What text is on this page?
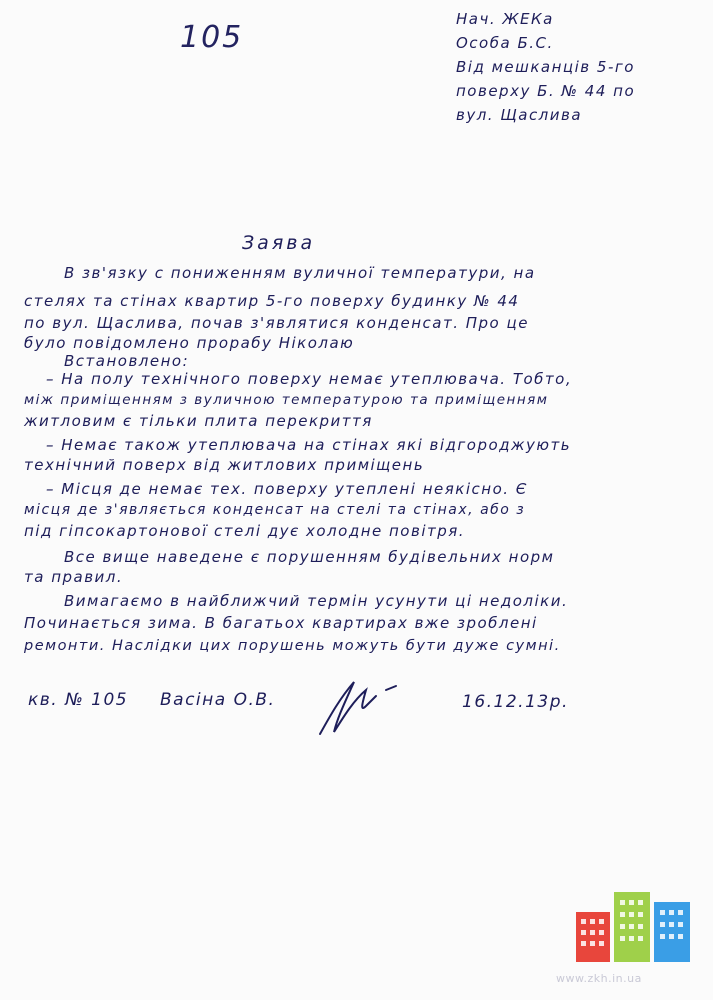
105
Нач. ЖЕКа
Особа Б.С.
Від мешканців 5-го
поверху Б. № 44 по
вул. Щаслива
Заява
В зв'язку с пониженням вуличної температури, на
стелях та стінах квартир 5-го поверху будинку № 44
по вул. Щаслива, почав з'являтися конденсат. Про це
було повідомлено прорабу Ніколаю
Встановлено:
– На полу технічного поверху немає утеплювача. Тобто,
між приміщенням з вуличною температурою та приміщенням
житловим є тільки плита перекриття
– Немає також утеплювача на стінах які відгороджують
технічний поверх від житлових приміщень
– Місця де немає тех. поверху утеплені неякісно. Є
місця де з'являється конденсат на стелі та стінах, або з
під гіпсокартонової стелі дує холодне повітря.
Все вище наведене є порушенням будівельних норм
та правил.
Вимагаємо в найближчий термін усунути ці недоліки.
Починається зима. В багатьох квартирах вже зроблені
ремонти. Наслідки цих порушень можуть бути дуже сумні.
кв. № 105 Васіна О.В.	16.12.13р.
www.zkh.in.ua
